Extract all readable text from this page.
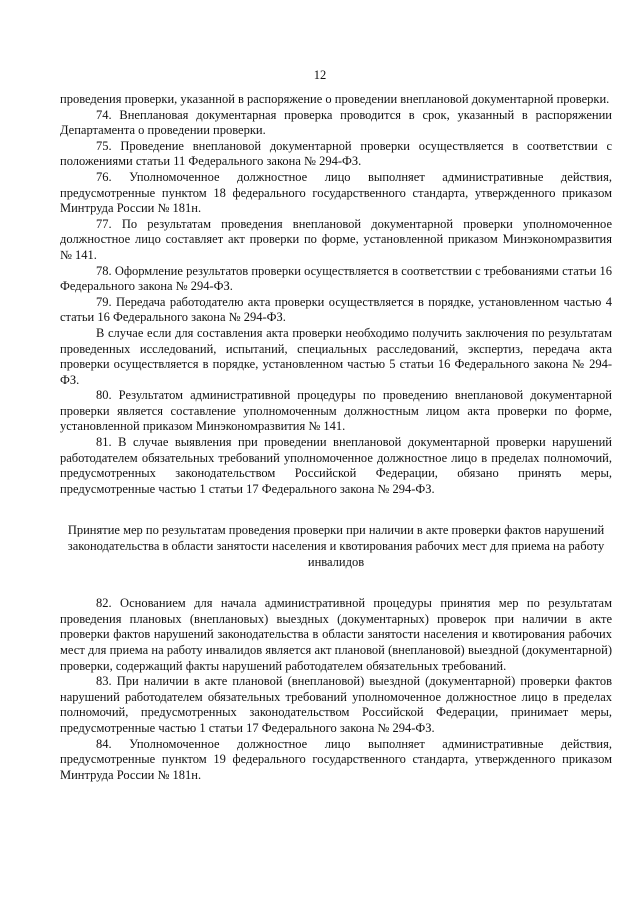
12

проведения проверки, указанной в распоряжение о проведении внеплановой документарной проверки.

74. Внеплановая документарная проверка проводится в срок, указанный в распоряжении Департамента о проведении проверки.

75. Проведение внеплановой документарной проверки осуществляется в соответствии с положениями статьи 11 Федерального закона № 294-ФЗ.

76. Уполномоченное должностное лицо выполняет административные действия, предусмотренные пунктом 18 федерального государственного стандарта, утвержденного приказом Минтруда России № 181н.

77. По результатам проведения внеплановой документарной проверки уполномоченное должностное лицо составляет акт проверки по форме, установленной приказом Минэкономразвития № 141.

78. Оформление результатов проверки осуществляется в соответствии с требованиями статьи 16 Федерального закона № 294-ФЗ.

79. Передача работодателю акта проверки осуществляется в порядке, установленном частью 4 статьи 16 Федерального закона № 294-ФЗ.

В случае если для составления акта проверки необходимо получить заключения по результатам проведенных исследований, испытаний, специальных расследований, экспертиз, передача акта проверки осуществляется в порядке, установленном частью 5 статьи 16 Федерального закона № 294-ФЗ.

80. Результатом административной процедуры по проведению внеплановой документарной проверки является составление уполномоченным должностным лицом акта проверки по форме, установленной приказом Минэкономразвития № 141.

81. В случае выявления при проведении внеплановой документарной проверки нарушений работодателем обязательных требований уполномоченное должностное лицо в пределах полномочий, предусмотренных законодательством Российской Федерации, обязано принять меры, предусмотренные частью 1 статьи 17 Федерального закона № 294-ФЗ.

Принятие мер по результатам проведения проверки при наличии в акте проверки фактов нарушений законодательства в области занятости населения и квотирования рабочих мест для приема на работу инвалидов

82. Основанием для начала административной процедуры принятия мер по результатам проведения плановых (внеплановых) выездных (документарных) проверок при наличии в акте проверки фактов нарушений законодательства в области занятости населения и квотирования рабочих мест для приема на работу инвалидов является акт плановой (внеплановой) выездной (документарной) проверки, содержащий факты нарушений работодателем обязательных требований.

83. При наличии в акте плановой (внеплановой) выездной (документарной) проверки фактов нарушений работодателем обязательных требований уполномоченное должностное лицо в пределах полномочий, предусмотренных законодательством Российской Федерации, принимает меры, предусмотренные частью 1 статьи 17 Федерального закона № 294-ФЗ.

84. Уполномоченное должностное лицо выполняет административные действия, предусмотренные пунктом 19 федерального государственного стандарта, утвержденного приказом Минтруда России № 181н.
